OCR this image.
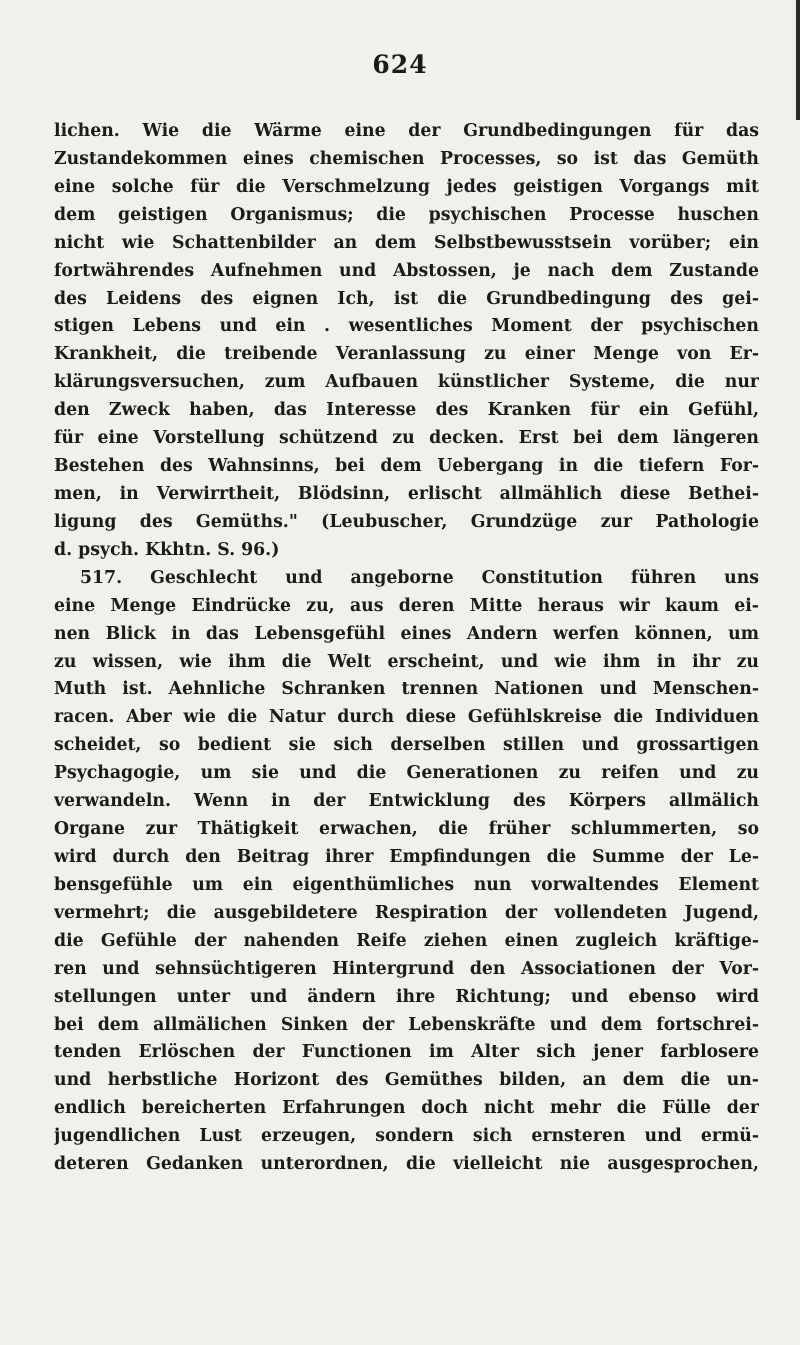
624
lichen. Wie die Wärme eine der Grundbedingungen für das
Zustandekommen eines chemischen Processes, so ist das Gemüth
eine solche für die Verschmelzung jedes geistigen Vorgangs mit
dem geistigen Organismus; die psychischen Processe huschen
nicht wie Schattenbilder an dem Selbstbewusstsein vorüber; ein
fortwährendes Aufnehmen und Abstossen, je nach dem Zustande
des Leidens des eignen Ich, ist die Grundbedingung des gei-
stigen Lebens und ein . wesentliches Moment der psychischen
Krankheit, die treibende Veranlassung zu einer Menge von Er-
klärungsversuchen, zum Aufbauen künstlicher Systeme, die nur
den Zweck haben, das Interesse des Kranken für ein Gefühl,
für eine Vorstellung schützend zu decken. Erst bei dem längeren
Bestehen des Wahnsinns, bei dem Uebergang in die tiefern For-
men, in Verwirrtheit, Blödsinn, erlischt allmählich diese Bethei-
ligung des Gemüths." (Leubuscher, Grundzüge zur Pathologie
d. psych. Kkhtn. S. 96.)
517. Geschlecht und angeborne Constitution führen uns
eine Menge Eindrücke zu, aus deren Mitte heraus wir kaum ei-
nen Blick in das Lebensgefühl eines Andern werfen können, um
zu wissen, wie ihm die Welt erscheint, und wie ihm in ihr zu
Muth ist. Aehnliche Schranken trennen Nationen und Menschen-
racen. Aber wie die Natur durch diese Gefühlskreise die Individuen
scheidet, so bedient sie sich derselben stillen und grossartigen
Psychagogie, um sie und die Generationen zu reifen und zu
verwandeln. Wenn in der Entwicklung des Körpers allmälich
Organe zur Thätigkeit erwachen, die früher schlummerten, so
wird durch den Beitrag ihrer Empfindungen die Summe der Le-
bensgefühle um ein eigenthümliches nun vorwaltendes Element
vermehrt; die ausgebildetere Respiration der vollendeten Jugend,
die Gefühle der nahenden Reife ziehen einen zugleich kräftige-
ren und sehnsüchtigeren Hintergrund den Associationen der Vor-
stellungen unter und ändern ihre Richtung; und ebenso wird
bei dem allmälichen Sinken der Lebenskräfte und dem fortschrei-
tenden Erlöschen der Functionen im Alter sich jener farblosere
und herbstliche Horizont des Gemüthes bilden, an dem die un-
endlich bereicherten Erfahrungen doch nicht mehr die Fülle der
jugendlichen Lust erzeugen, sondern sich ernsteren und ermü-
deteren Gedanken unterordnen, die vielleicht nie ausgesprochen,
